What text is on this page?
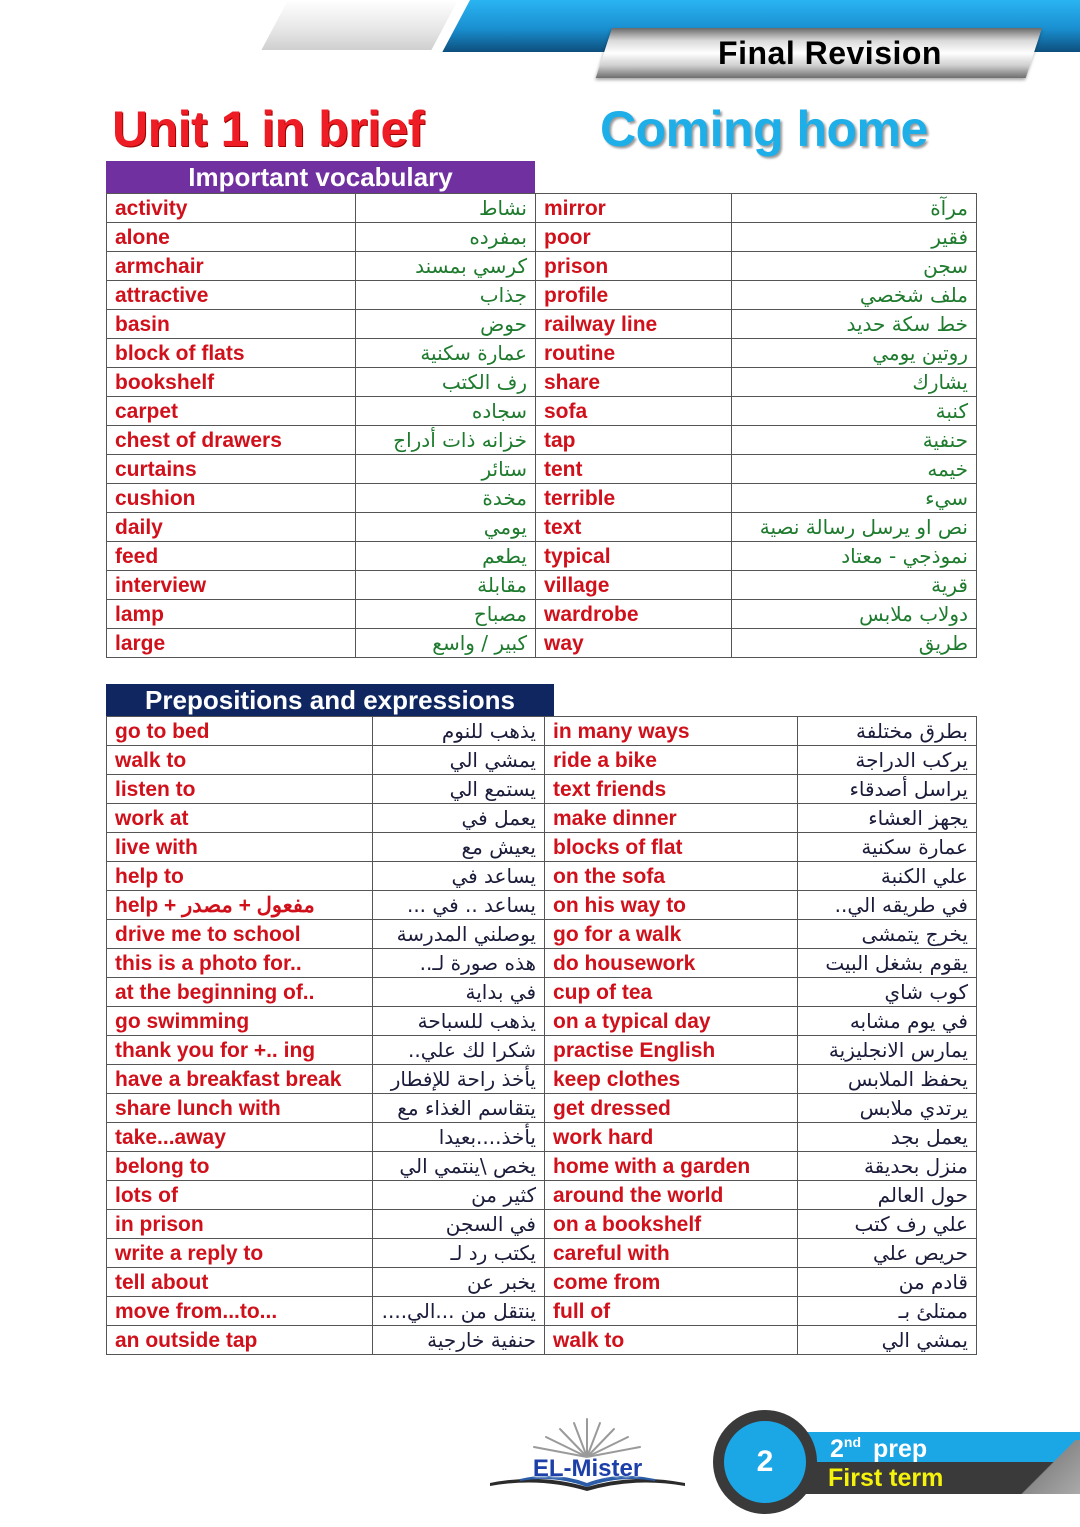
Final Revision
Unit 1 in brief	Coming home
Important vocabulary
activity	نشاط	mirror	مرآة
alone	بمفرده	poor	فقير
armchair	كرسي بمسند	prison	سجن
attractive	جذاب	profile	ملف شخصي
basin	حوض	railway line	خط سكة حديد
block of flats	عمارة سكنية	routine	روتين يومي
bookshelf	رف الكتب	share	يشارك
carpet	سجاده	sofa	كنبة
chest of drawers	خزانه ذات أدراج	tap	حنفية
curtains	ستائر	tent	خيمه
cushion	مخدة	terrible	سيء
daily	يومي	text	نص او يرسل رسالة نصية
feed	يطعم	typical	نموذجي - معتاد
interview	مقابلة	village	قرية
lamp	مصباح	wardrobe	دولاب ملابس
large	كبير / واسع	way	طريق
Prepositions and expressions
go to bed	يذهب للنوم	in many ways	بطرق مختلفة
walk to	يمشي الي	ride a bike	يركب الدراجة
listen to	يستمع الي	text friends	يراسل أصدقاء
work at	يعمل في	make dinner	يجهز العشاء
live with	يعيش مع	blocks of flat	عمارة سكنية
help to	يساعد في	on the sofa	علي الكنبة
help + مفعول + مصدر	يساعد .. في ...	on his way to	في طريقه الي..
drive me to school	يوصلني المدرسة	go for a walk	يخرج يتمشى
this is a photo for..	هذه صورة لـ..	do housework	يقوم بشغل البيت
at the beginning of..	في بداية	cup of tea	كوب شاي
go swimming	يذهب للسباحة	on a typical day	في يوم مشابه
thank you for +.. ing	شكرا لك علي..	practise English	يمارس الانجليزية
have a breakfast break	يأخذ راحة للإفطار	keep clothes	يحفظ الملابس
share lunch with	يتقاسم الغذاء مع	get dressed	يرتدي ملابس
take...away	يأخذ....بعيدا	work hard	يعمل بجد
belong to	يخص \ينتمي الي	home with a garden	منزل بحديقة
lots of	كثير من	around the world	حول العالم
in prison	في السجن	on a bookshelf	علي رف كتب
write a reply to	يكتب رد لـ	careful with	حريص علي
tell about	يخبر عن	come from	قادم من
move from...to...	ينتقل من ...الي....	full of	ممتلئ بـ
an outside tap	حنفية خارجية	walk to	يمشي الي
EL-Mister	2	2nd prep
First term
